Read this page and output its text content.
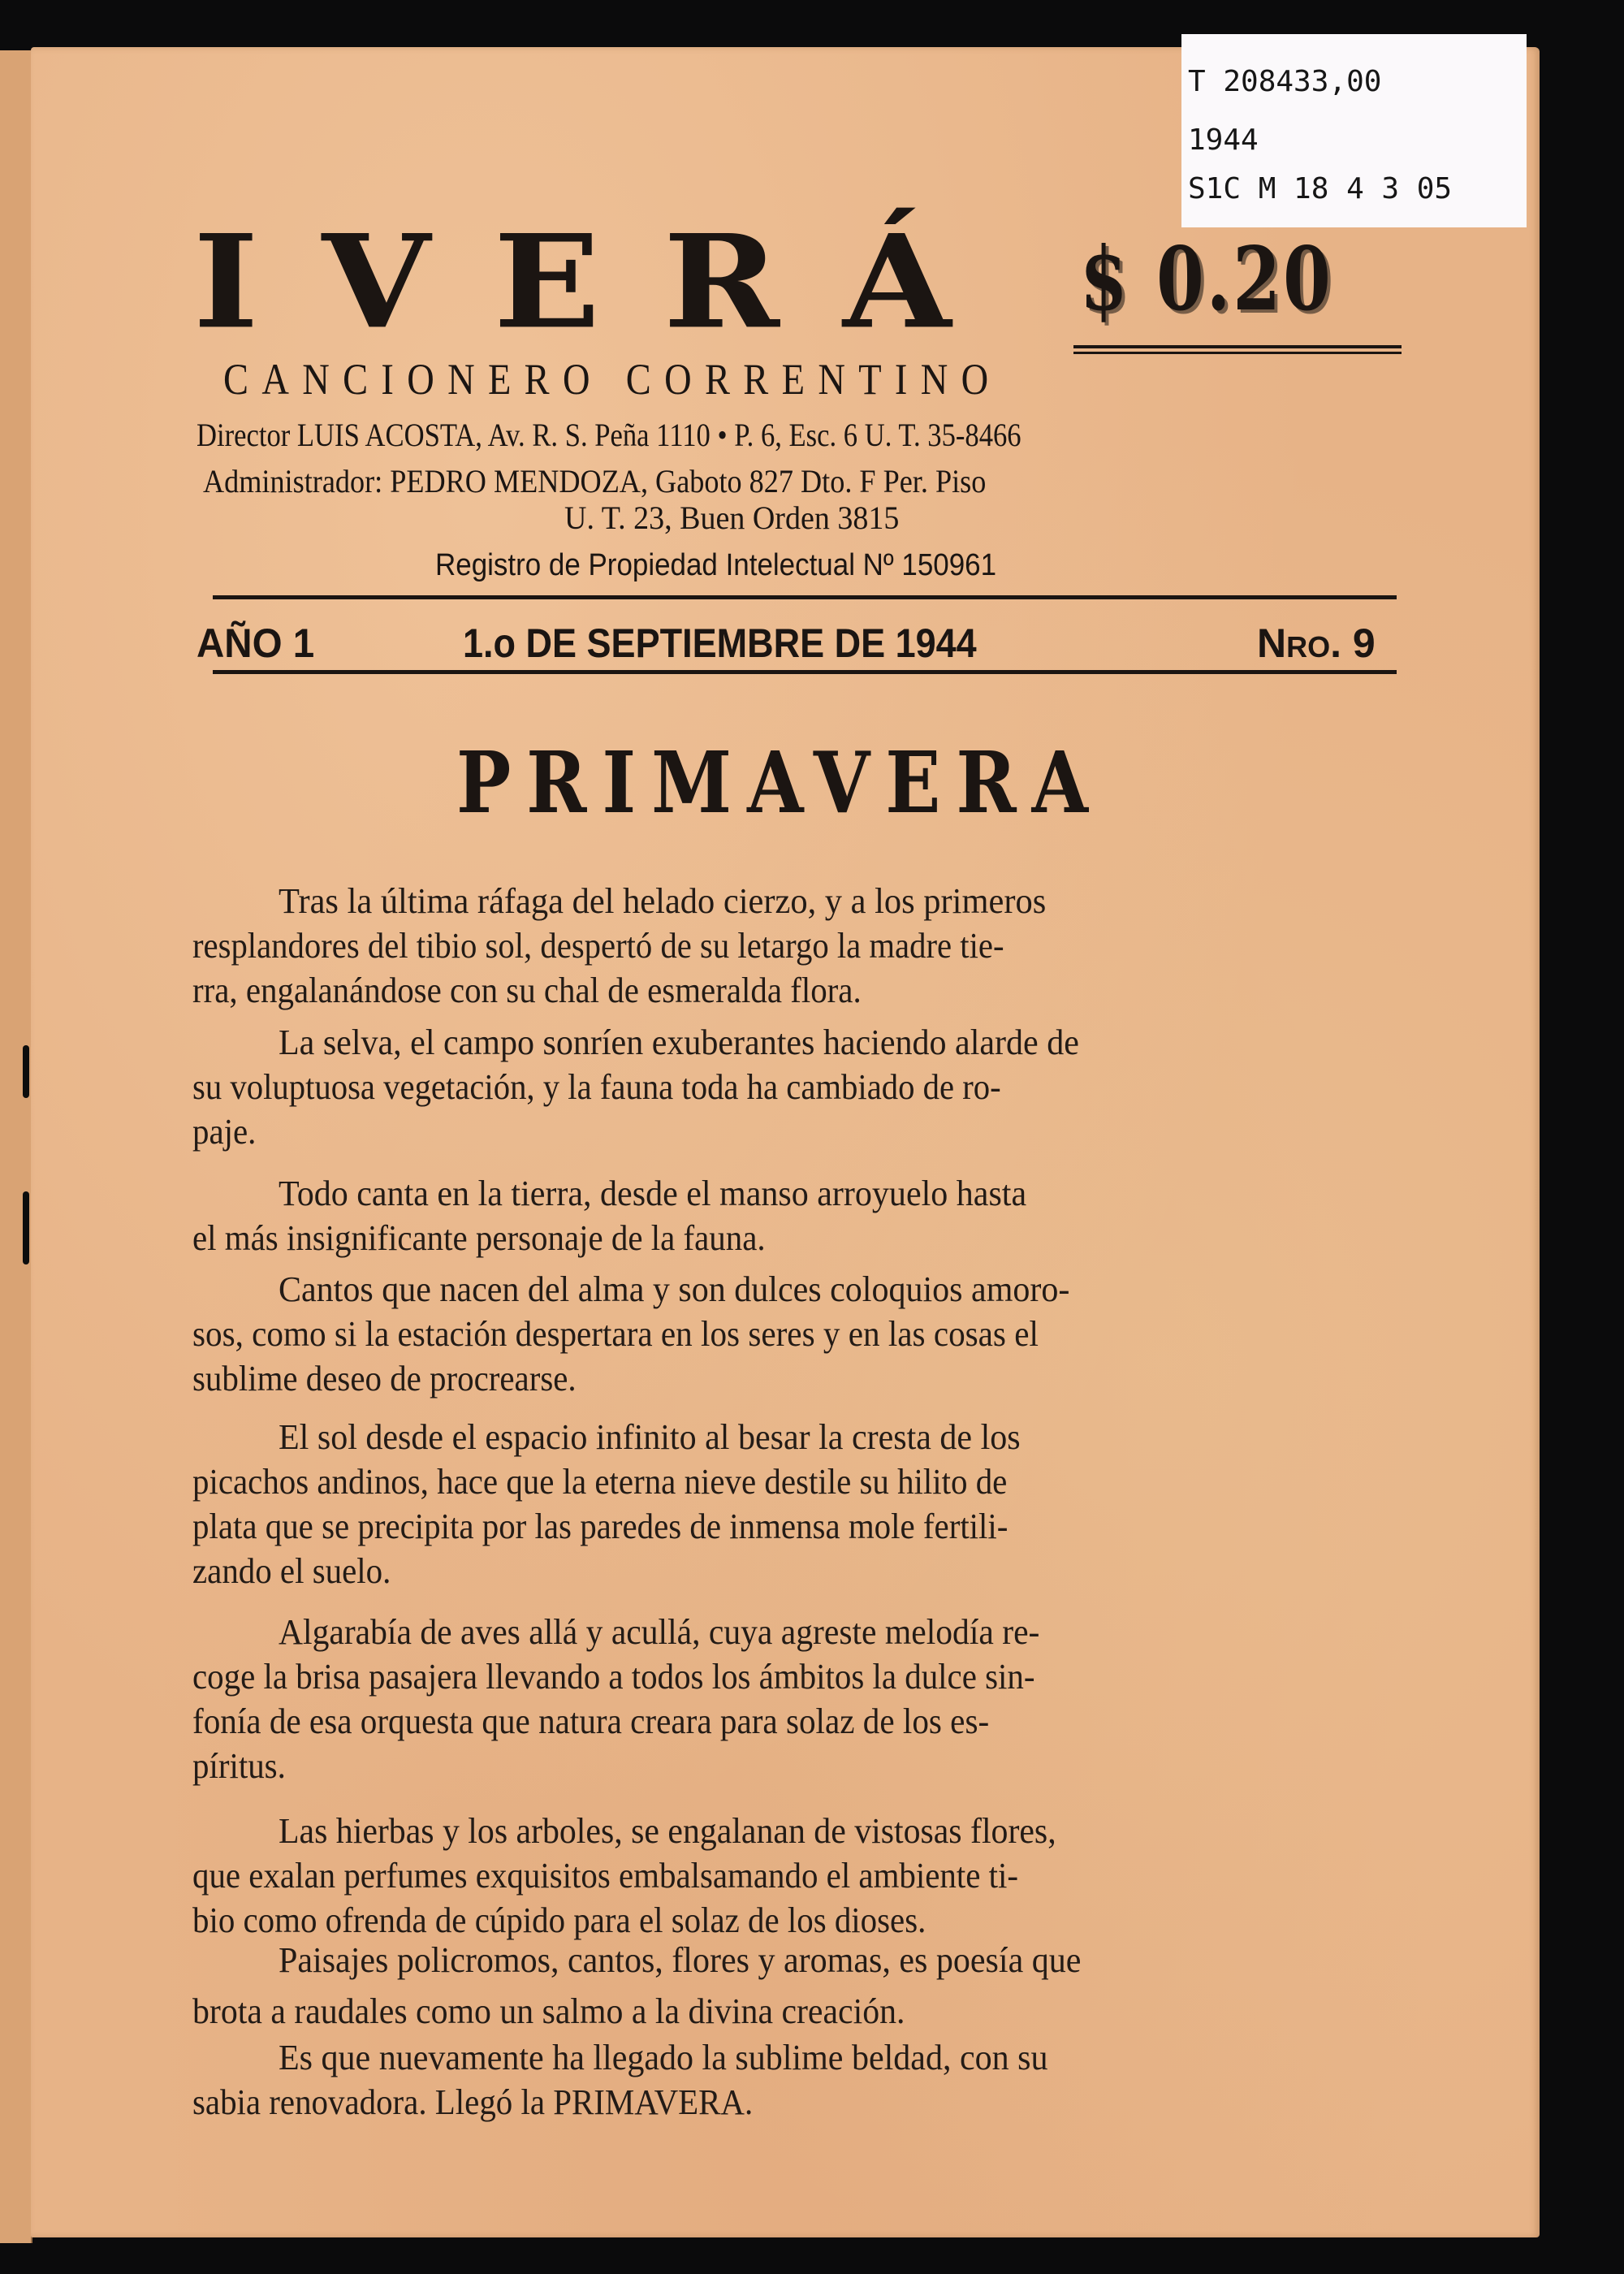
T 208433,00
1944
S1C M 18 4 3 05
IVERÁ $ 0.20
CANCIONERO CORRENTINO
Director LUIS ACOSTA, Av. R. S. Peña 1110 • P. 6, Esc. 6 U. T. 35-8466
Administrador: PEDRO MENDOZA, Gaboto 827 Dto. F Per. Piso
U. T. 23, Buen Orden 3815
Registro de Propiedad Intelectual Nº 150961
AÑO 1	1.o DE SEPTIEMBRE DE 1944	NRO. 9
PRIMAVERA
Tras la última ráfaga del helado cierzo, y a los primeros
resplandores del tibio sol, despertó de su letargo la madre tie-
rra, engalanándose con su chal de esmeralda flora.
La selva, el campo sonríen exuberantes haciendo alarde de
su voluptuosa vegetación, y la fauna toda ha cambiado de ro-
paje.
Todo canta en la tierra, desde el manso arroyuelo hasta
el más insignificante personaje de la fauna.
Cantos que nacen del alma y son dulces coloquios amoro-
sos, como si la estación despertara en los seres y en las cosas el
sublime deseo de procrearse.
El sol desde el espacio infinito al besar la cresta de los
picachos andinos, hace que la eterna nieve destile su hilito de
plata que se precipita por las paredes de inmensa mole fertili-
zando el suelo.
Algarabía de aves allá y acullá, cuya agreste melodía re-
coge la brisa pasajera llevando a todos los ámbitos la dulce sin-
fonía de esa orquesta que natura creara para solaz de los es-
píritus.
Las hierbas y los arboles, se engalanan de vistosas flores,
que exalan perfumes exquisitos embalsamando el ambiente ti-
bio como ofrenda de cúpido para el solaz de los dioses.
Paisajes policromos, cantos, flores y aromas, es poesía que
brota a raudales como un salmo a la divina creación.
Es que nuevamente ha llegado la sublime beldad, con su
sabia renovadora. Llegó la PRIMAVERA.
